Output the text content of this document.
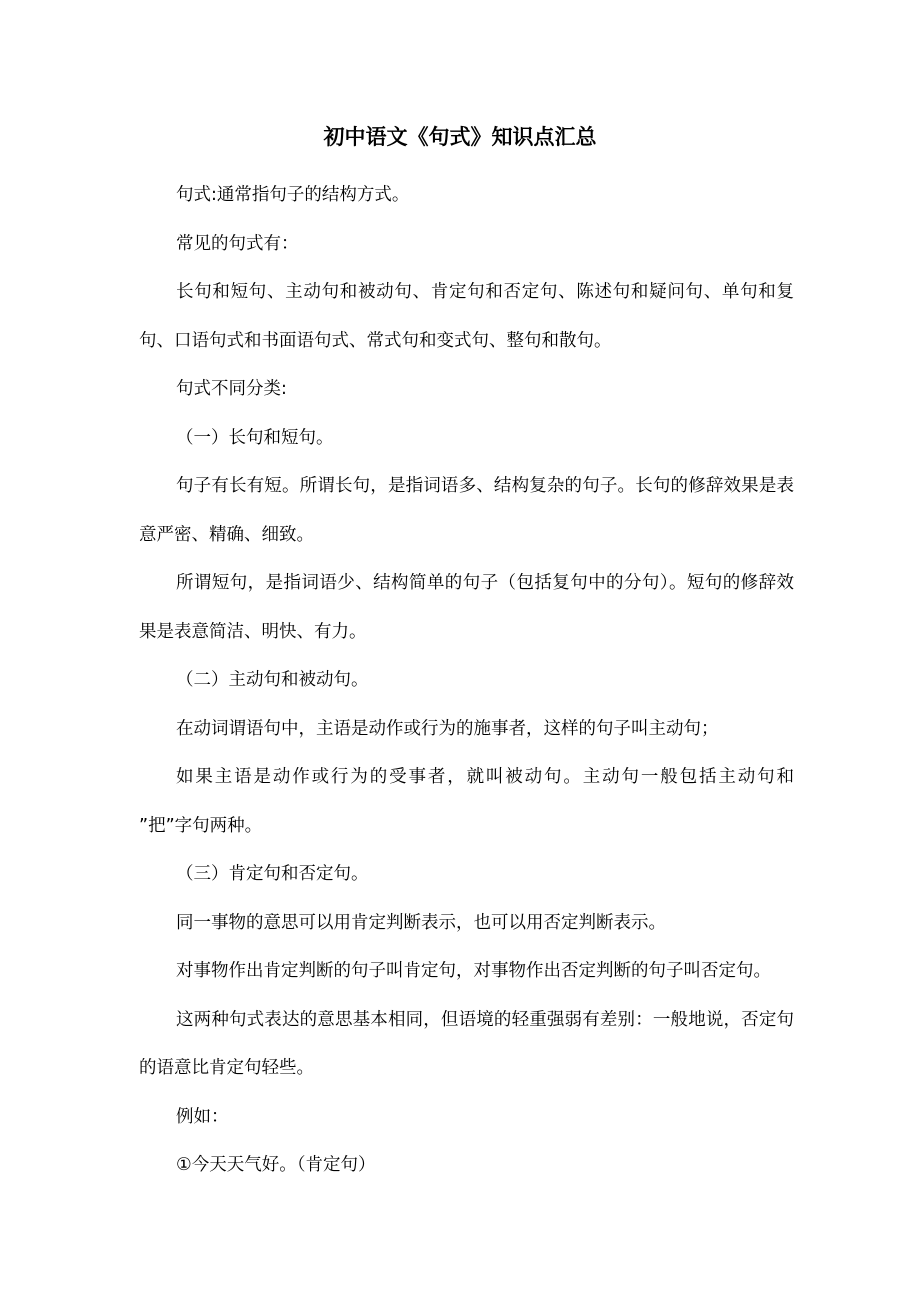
初中语文《句式》知识点汇总

句式:通常指句子的结构方式。

常见的句式有：

长句和短句、主动句和被动句、肯定句和否定句、陈述句和疑问句、单句和复句、口语句式和书面语句式、常式句和变式句、整句和散句。

句式不同分类:

（一）长句和短句。

句子有长有短。所谓长句，是指词语多、结构复杂的句子。长句的修辞效果是表意严密、精确、细致。

所谓短句，是指词语少、结构简单的句子（包括复句中的分句）。短句的修辞效果是表意简洁、明快、有力。

（二）主动句和被动句。

在动词谓语句中，主语是动作或行为的施事者，这样的句子叫主动句；

如果主语是动作或行为的受事者，就叫被动句。主动句一般包括主动句和 ”把”字句两种。

（三）肯定句和否定句。

同一事物的意思可以用肯定判断表示，也可以用否定判断表示。

对事物作出肯定判断的句子叫肯定句，对事物作出否定判断的句子叫否定句。

这两种句式表达的意思基本相同，但语境的轻重强弱有差别：一般地说，否定句的语意比肯定句轻些。

例如：

①今天天气好。（肯定句）
